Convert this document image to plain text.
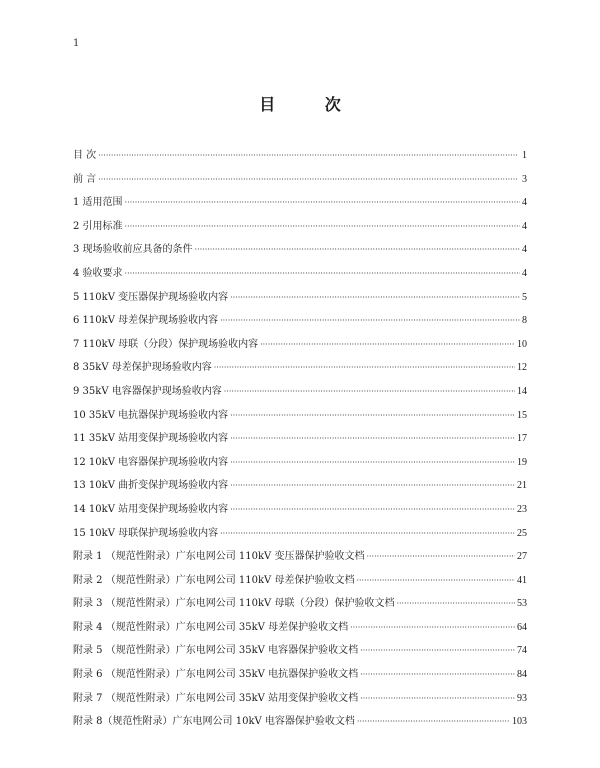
1
目 次
目 次 ·····	1
前 言 ·····	3
1 适用范围 ·····	4
2 引用标准 ·····	4
3 现场验收前应具备的条件 ·····	4
4 验收要求 ·····	4
5 110kV 变压器保护现场验收内容 ·····	5
6 110kV 母差保护现场验收内容 ·····	8
7 110kV 母联（分段）保护现场验收内容 ·····	10
8 35kV 母差保护现场验收内容 ·····	12
9 35kV 电容器保护现场验收内容 ·····	14
10 35kV 电抗器保护现场验收内容 ·····	15
11 35kV 站用变保护现场验收内容 ·····	17
12 10kV 电容器保护现场验收内容 ·····	19
13 10kV 曲折变保护现场验收内容 ·····	21
14 10kV 站用变保护现场验收内容 ·····	23
15 10kV 母联保护现场验收内容 ·····	25
附录 1 （规范性附录）广东电网公司 110kV 变压器保护验收文档 ·····	27
附录 2 （规范性附录）广东电网公司 110kV 母差保护验收文档 ·····	41
附录 3 （规范性附录）广东电网公司 110kV 母联（分段）保护验收文档 ·····	53
附录 4 （规范性附录）广东电网公司 35kV 母差保护验收文档 ·····	64
附录 5 （规范性附录）广东电网公司 35kV 电容器保护验收文档 ·····	74
附录 6 （规范性附录）广东电网公司 35kV 电抗器保护验收文档 ·····	84
附录 7 （规范性附录）广东电网公司 35kV 站用变保护验收文档 ·····	93
附录 8（规范性附录）广东电网公司 10kV 电容器保护验收文档 ·····	103
